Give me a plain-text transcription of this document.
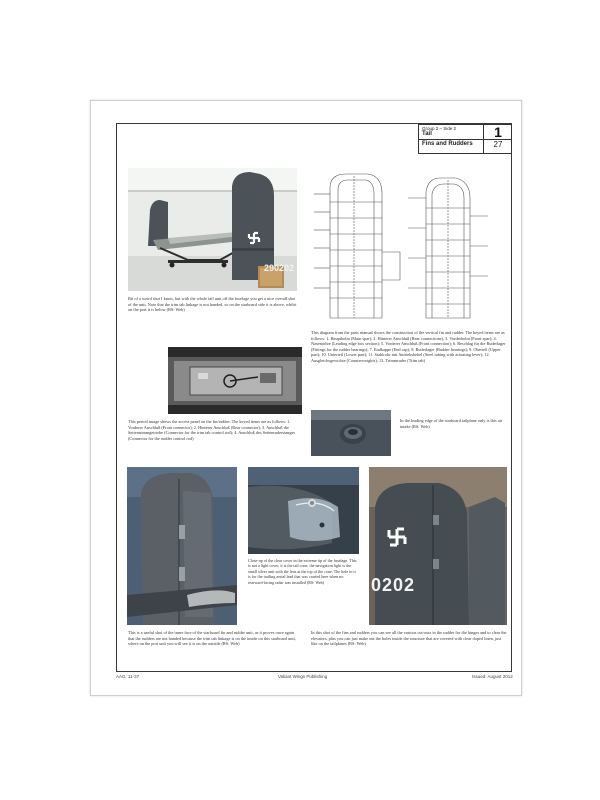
Group 2 – Side 2
Tail	1
Fins and Rudders	27
290202
0202
Bit of a weird shot I know, but with the whole tail unit off the fuselage you get a nice overall shot of the unit. Note that the trim tab linkage is not handed, so on the starboard side it is above, whilst on the port it is below (RS: Web)
This diagram from the parts manual shows the construction of the vertical fin and rudder. The keyed items are as follows: 1. Hauptholm (Main spar); 2. Hinterer Anschluß (Rear connections); 3. Vorderholm (Front spar); 4. Nasenrohre (Leading edge box section); 5. Vorderer Anschluß (Front connection); 6. Beschlag für die Ruderlager (Fittings for the rudder bearings); 7. Endkappe (End cap); 8. Ruderlager (Rudder bearings); 9. Oberteil (Upper part); 10. Unterteil (Lower part); 11. Stahlrohr mit Antriebshebel (Steel tubing with actuating lever); 12. Ausgleichsgewichte (Counterweights); 13. Trimmruder (Trim tab)
This period image shows the access panel on the fin/rudder. The keyed items are as follows: 1. Vorderer Anschluß (Front connector); 2. Hinterer Anschluß (Rear connector); 3. Anschluß die Seitentrimmgetriebe (Connector for the trim tab control rod); 4. Anschluß des Seitenruderstanges (Connector for the rudder control rod)
In the leading edge of the starboard tailplane only is this air intake (RS: Web)
Close-up of the clear cover in the extreme tip of the fuselage. This is not a light cover, it is the tail cone, the navigation light is the small silver unit with the lens at the top of the cone. The hole in it is for the trailing aerial lead that was carried here when no rearward-facing radar was installed (RS: Web)
This is a useful shot of the inner face of the starboard fin and rudder unit, as it proves once again that the rudders are not handed because the trim tab linkage is on the inside on this starboard unit, where on the port unit you will see it is on the outside (RS: Web)
In this shot of the fins and rudders you can see all the various cut-outs in the rudder for the hinges and to clear the elevators, plus you can just make out the holes inside the structure that are covered with clear doped linen, just like on the tailplanes (RS: Web)
AAG: 11-37	Valiant Wings Publishing	Issued: August 2012
